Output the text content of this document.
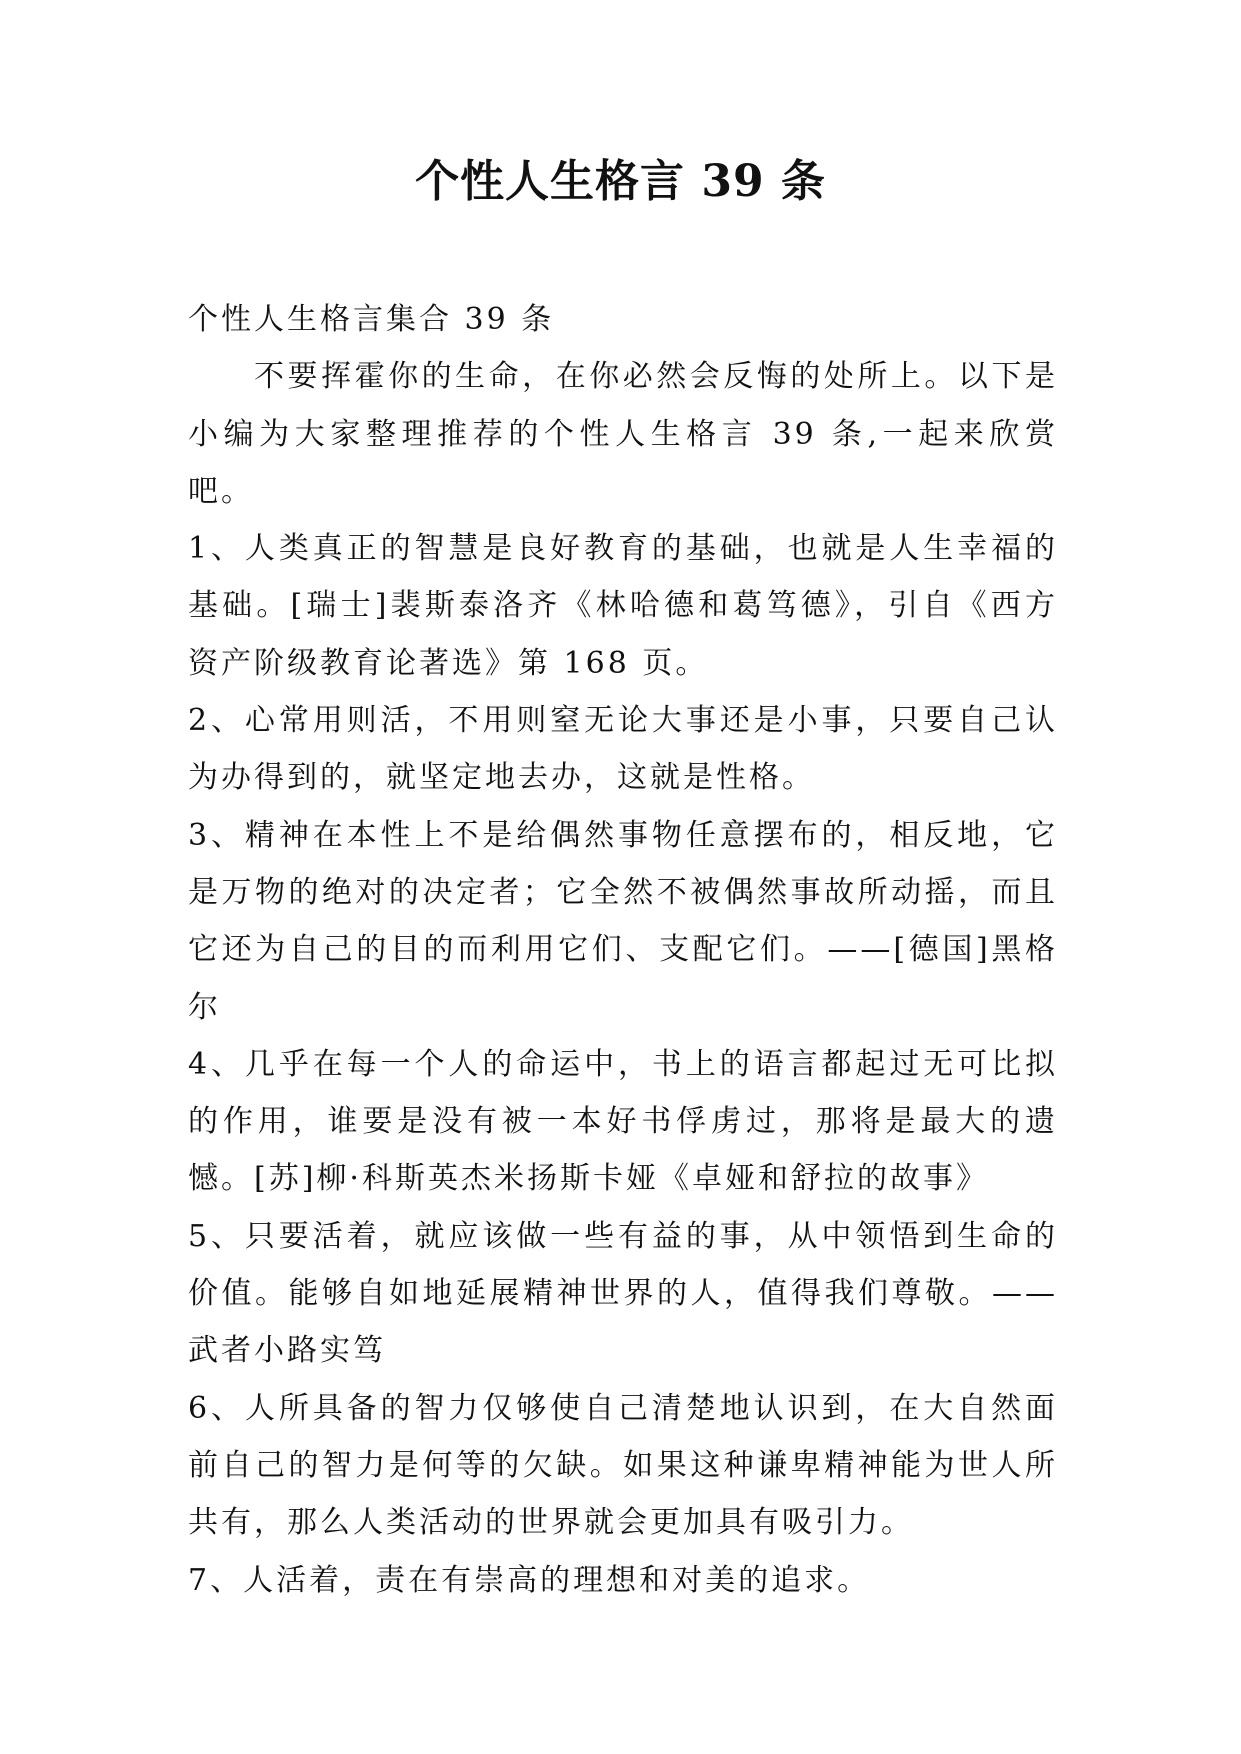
个性人生格言 39 条

个性人生格言集合 39 条

不要挥霍你的生命，在你必然会反悔的处所上。以下是小编为大家整理推荐的个性人生格言 39 条,一起来欣赏吧。

1、人类真正的智慧是良好教育的基础，也就是人生幸福的基础。[瑞士]裴斯泰洛齐《林哈德和葛笃德》，引自《西方资产阶级教育论著选》第 168 页。

2、心常用则活，不用则窒无论大事还是小事，只要自己认为办得到的，就坚定地去办，这就是性格。

3、精神在本性上不是给偶然事物任意摆布的，相反地，它是万物的绝对的决定者；它全然不被偶然事故所动摇，而且它还为自己的目的而利用它们、支配它们。——[德国]黑格尔

4、几乎在每一个人的命运中，书上的语言都起过无可比拟的作用，谁要是没有被一本好书俘虏过，那将是最大的遗憾。[苏]柳·科斯英杰米扬斯卡娅《卓娅和舒拉的故事》

5、只要活着，就应该做一些有益的事，从中领悟到生命的价值。能够自如地延展精神世界的人，值得我们尊敬。——武者小路实笃

6、人所具备的智力仅够使自己清楚地认识到，在大自然面前自己的智力是何等的欠缺。如果这种谦卑精神能为世人所共有，那么人类活动的世界就会更加具有吸引力。

7、人活着，责在有崇高的理想和对美的追求。
